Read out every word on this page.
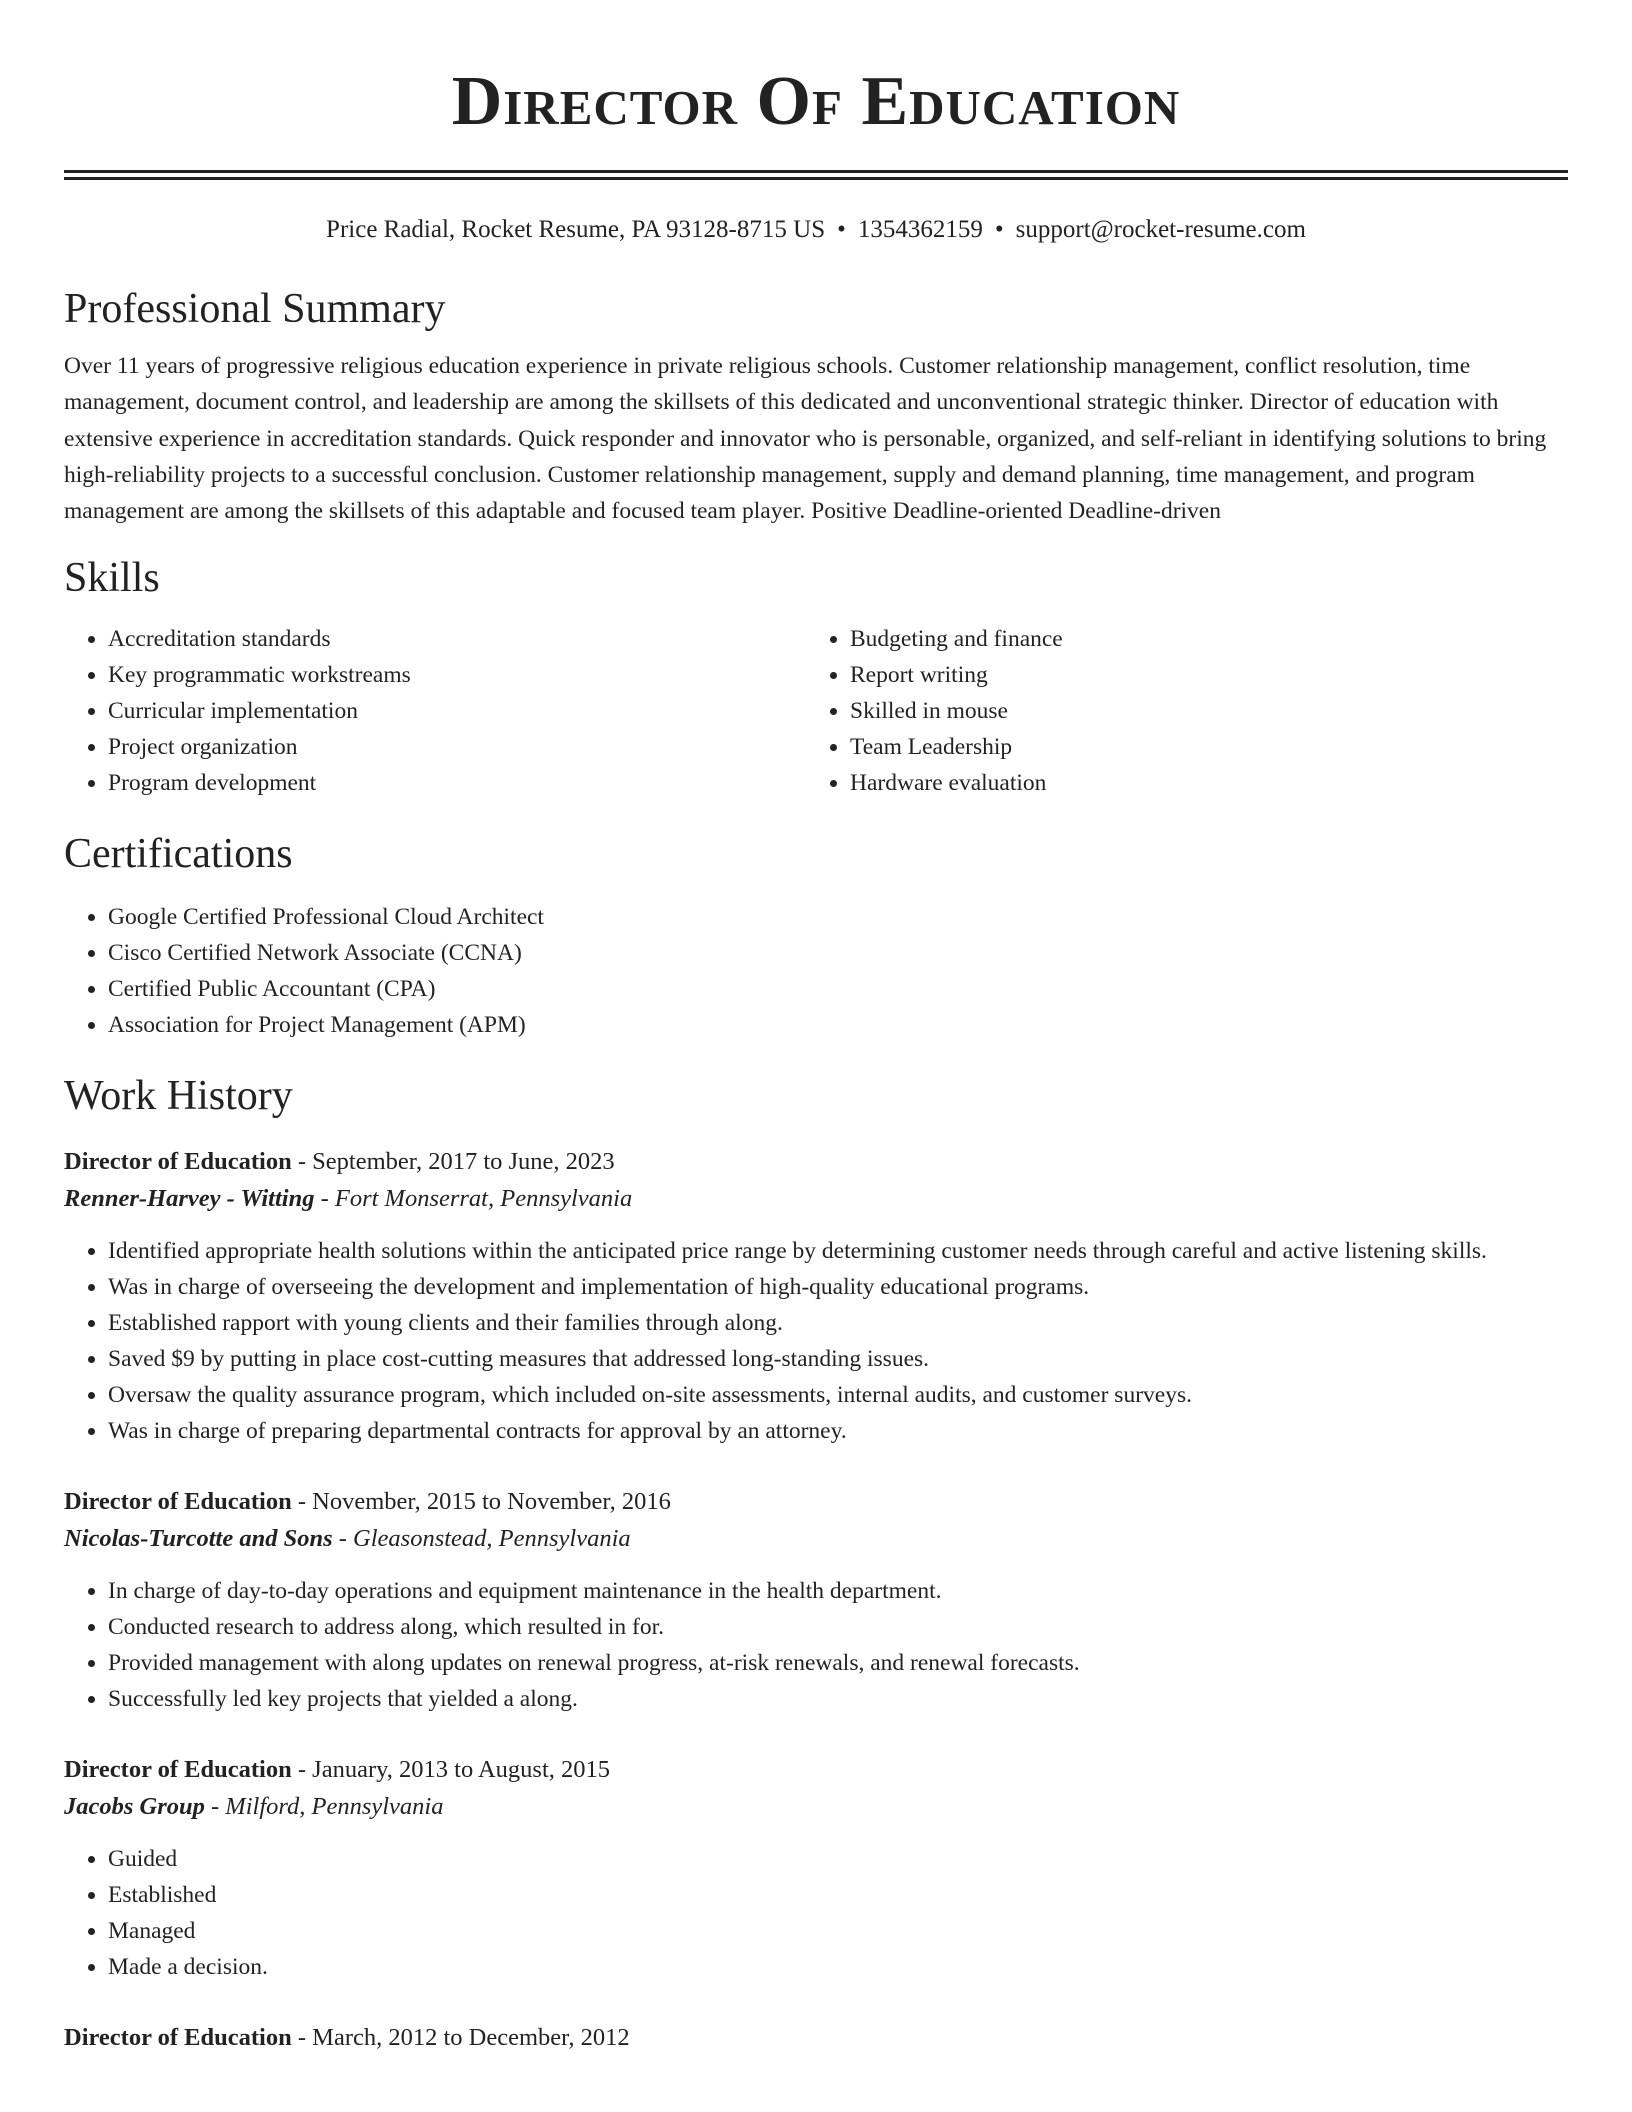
Director Of Education
Price Radial, Rocket Resume, PA 93128-8715 US • 1354362159 • support@rocket-resume.com
Professional Summary

Over 11 years of progressive religious education experience in private religious schools. Customer relationship management, conflict resolution, time management, document control, and leadership are among the skillsets of this dedicated and unconventional strategic thinker. Director of education with extensive experience in accreditation standards. Quick responder and innovator who is personable, organized, and self-reliant in identifying solutions to bring high-reliability projects to a successful conclusion. Customer relationship management, supply and demand planning, time management, and program management are among the skillsets of this adaptable and focused team player. Positive Deadline-oriented Deadline-driven

Skills
• Accreditation standards
• Key programmatic workstreams
• Curricular implementation
• Project organization
• Program development
• Budgeting and finance
• Report writing
• Skilled in mouse
• Team Leadership
• Hardware evaluation
Certifications
• Google Certified Professional Cloud Architect
• Cisco Certified Network Associate (CCNA)
• Certified Public Accountant (CPA)
• Association for Project Management (APM)
Work History
Director of Education - September, 2017 to June, 2023
Renner-Harvey - Witting - Fort Monserrat, Pennsylvania
• Identified appropriate health solutions within the anticipated price range by determining customer needs through careful and active listening skills.
• Was in charge of overseeing the development and implementation of high-quality educational programs.
• Established rapport with young clients and their families through along.
• Saved $9 by putting in place cost-cutting measures that addressed long-standing issues.
• Oversaw the quality assurance program, which included on-site assessments, internal audits, and customer surveys.
• Was in charge of preparing departmental contracts for approval by an attorney.
Director of Education - November, 2015 to November, 2016
Nicolas-Turcotte and Sons - Gleasonstead, Pennsylvania
• In charge of day-to-day operations and equipment maintenance in the health department.
• Conducted research to address along, which resulted in for.
• Provided management with along updates on renewal progress, at-risk renewals, and renewal forecasts.
• Successfully led key projects that yielded a along.
Director of Education - January, 2013 to August, 2015
Jacobs Group - Milford, Pennsylvania
• Guided
• Established
• Managed
• Made a decision.
Director of Education - March, 2012 to December, 2012
